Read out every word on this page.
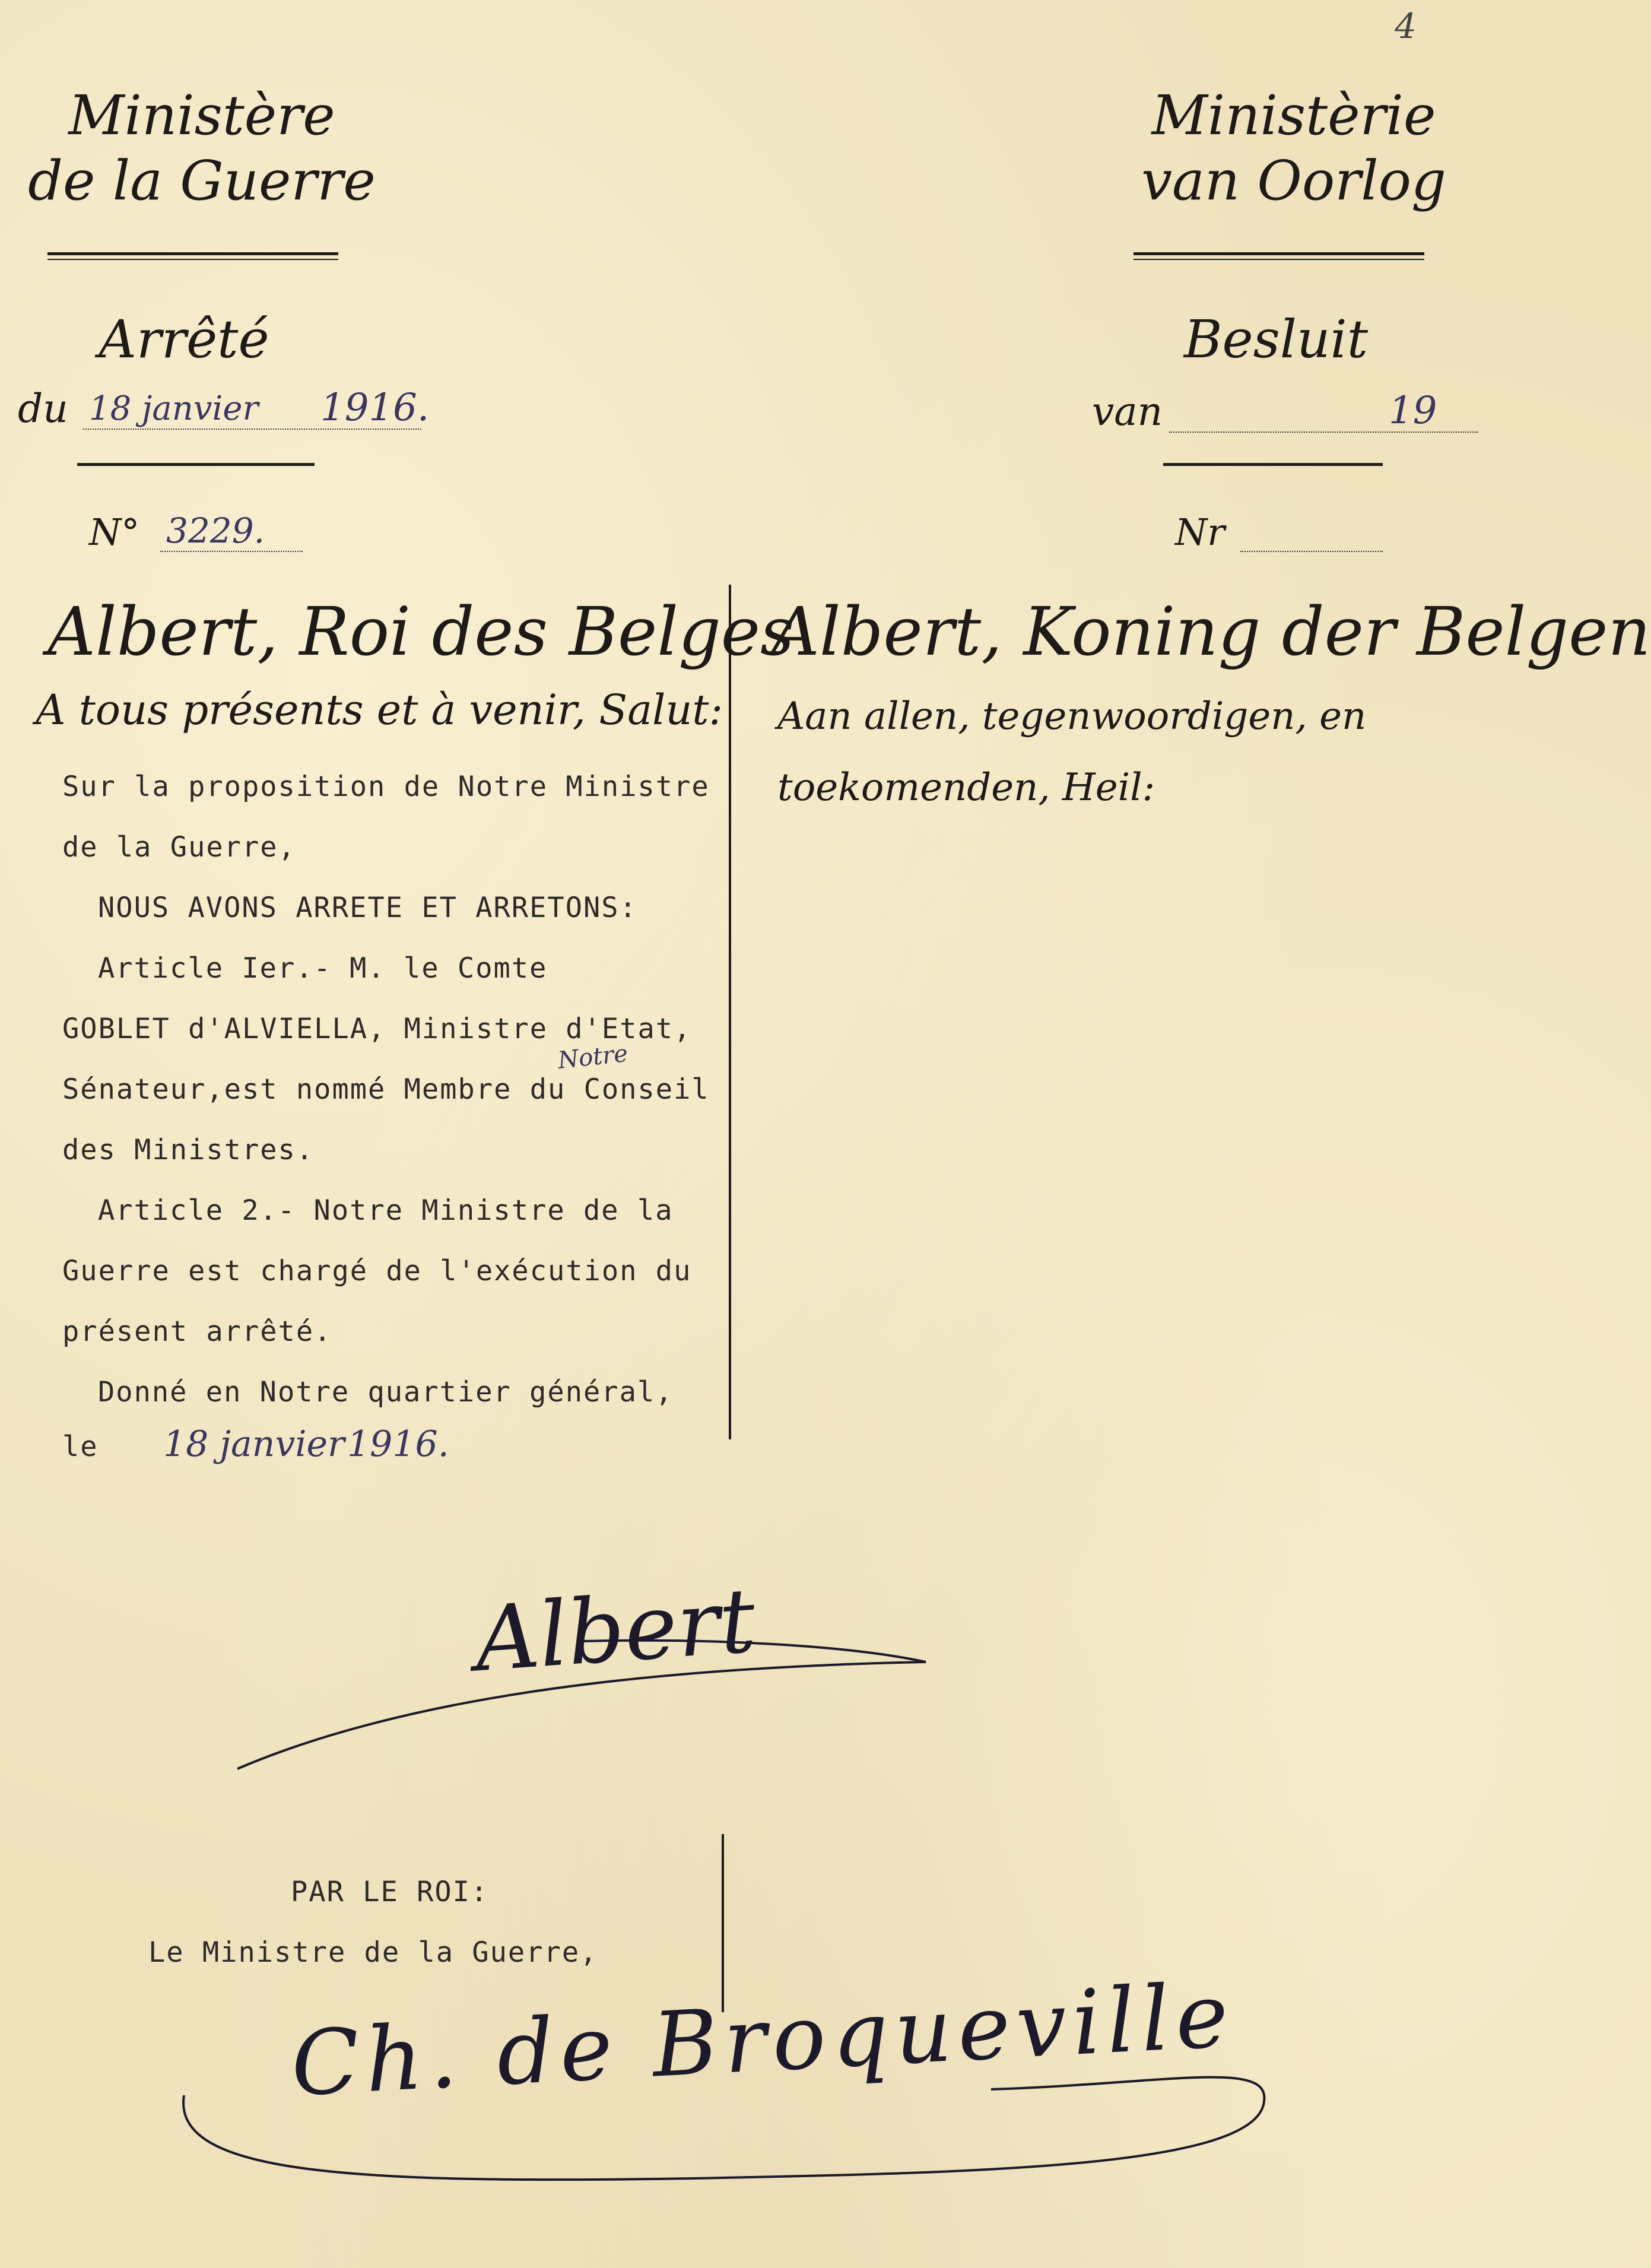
4
Ministère
de la Guerre
Arrêté
du 18 janvier 1916.
N° 3229.
Ministèrie
van Oorlog
Besluit
van	19
Nr
Albert, Roi des Belges
A tous présents et à venir, Salut:
Sur la proposition de Notre Ministre
de la Guerre,
NOUS AVONS ARRETE ET ARRETONS:
Article Ier.- M. le Comte
GOBLET d'ALVIELLA, Ministre d'Etat,
Sénateur,est nommé Membre du Conseil
des Ministres.
Article 2.- Notre Ministre de la
Guerre est chargé de l'exécution du
présent arrêté.
Donné en Notre quartier général,
Notre
le 18 janvier 1916.
Albert, Koning der Belgen
Aan allen, tegenwoordigen, en
toekomenden, Heil:
Albert
PAR LE ROI:
Le Ministre de la Guerre,
Ch. de Broqueville
